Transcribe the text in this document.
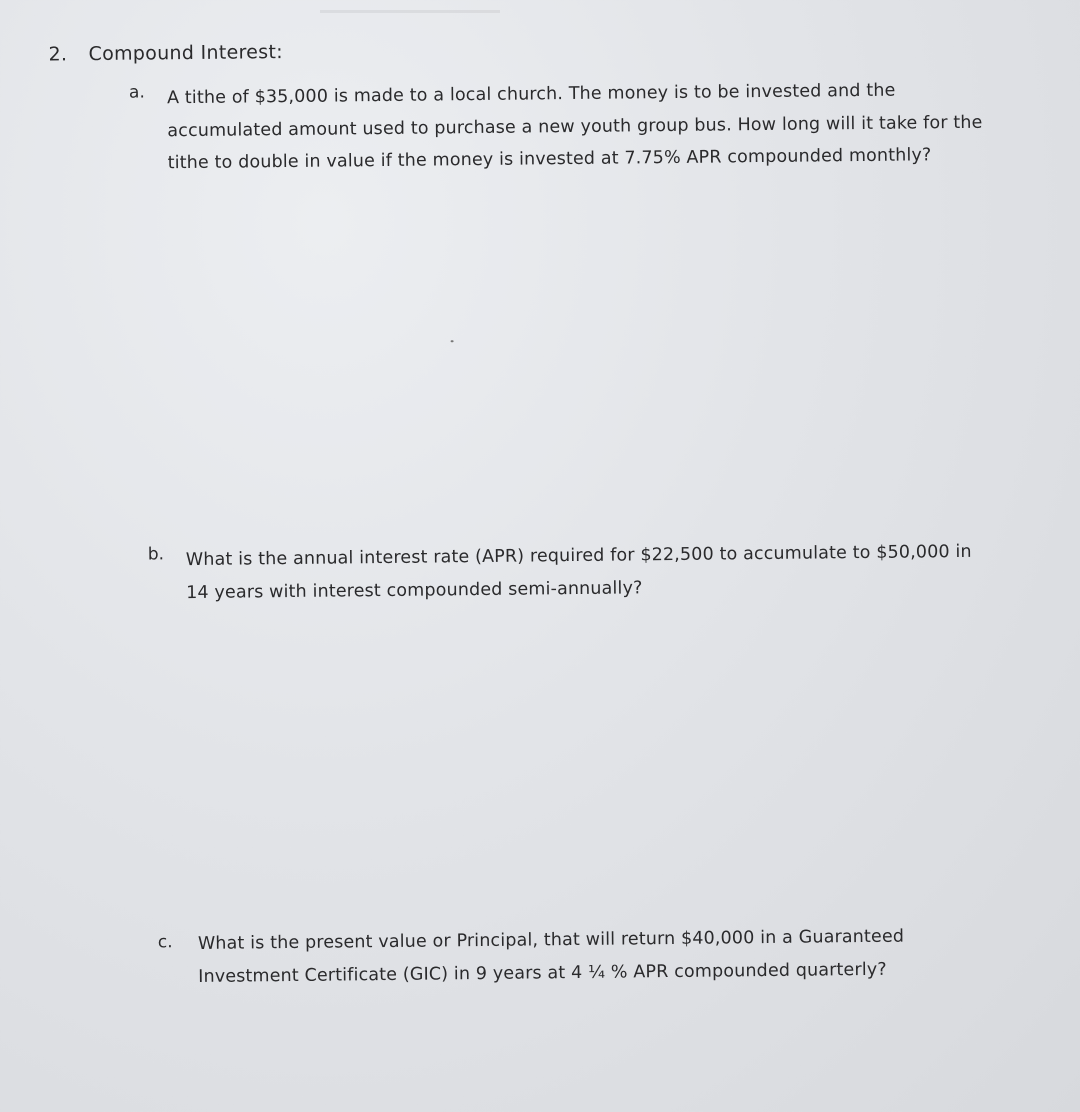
2. Compound Interest:
a. A tithe of $35,000 is made to a local church. The money is to be invested and the accumulated amount used to purchase a new youth group bus. How long will it take for the tithe to double in value if the money is invested at 7.75% APR compounded monthly?
b. What is the annual interest rate (APR) required for $22,500 to accumulate to $50,000 in 14 years with interest compounded semi-annually?
c. What is the present value or Principal, that will return $40,000 in a Guaranteed Investment Certificate (GIC) in 9 years at 4 ¼ % APR compounded quarterly?
